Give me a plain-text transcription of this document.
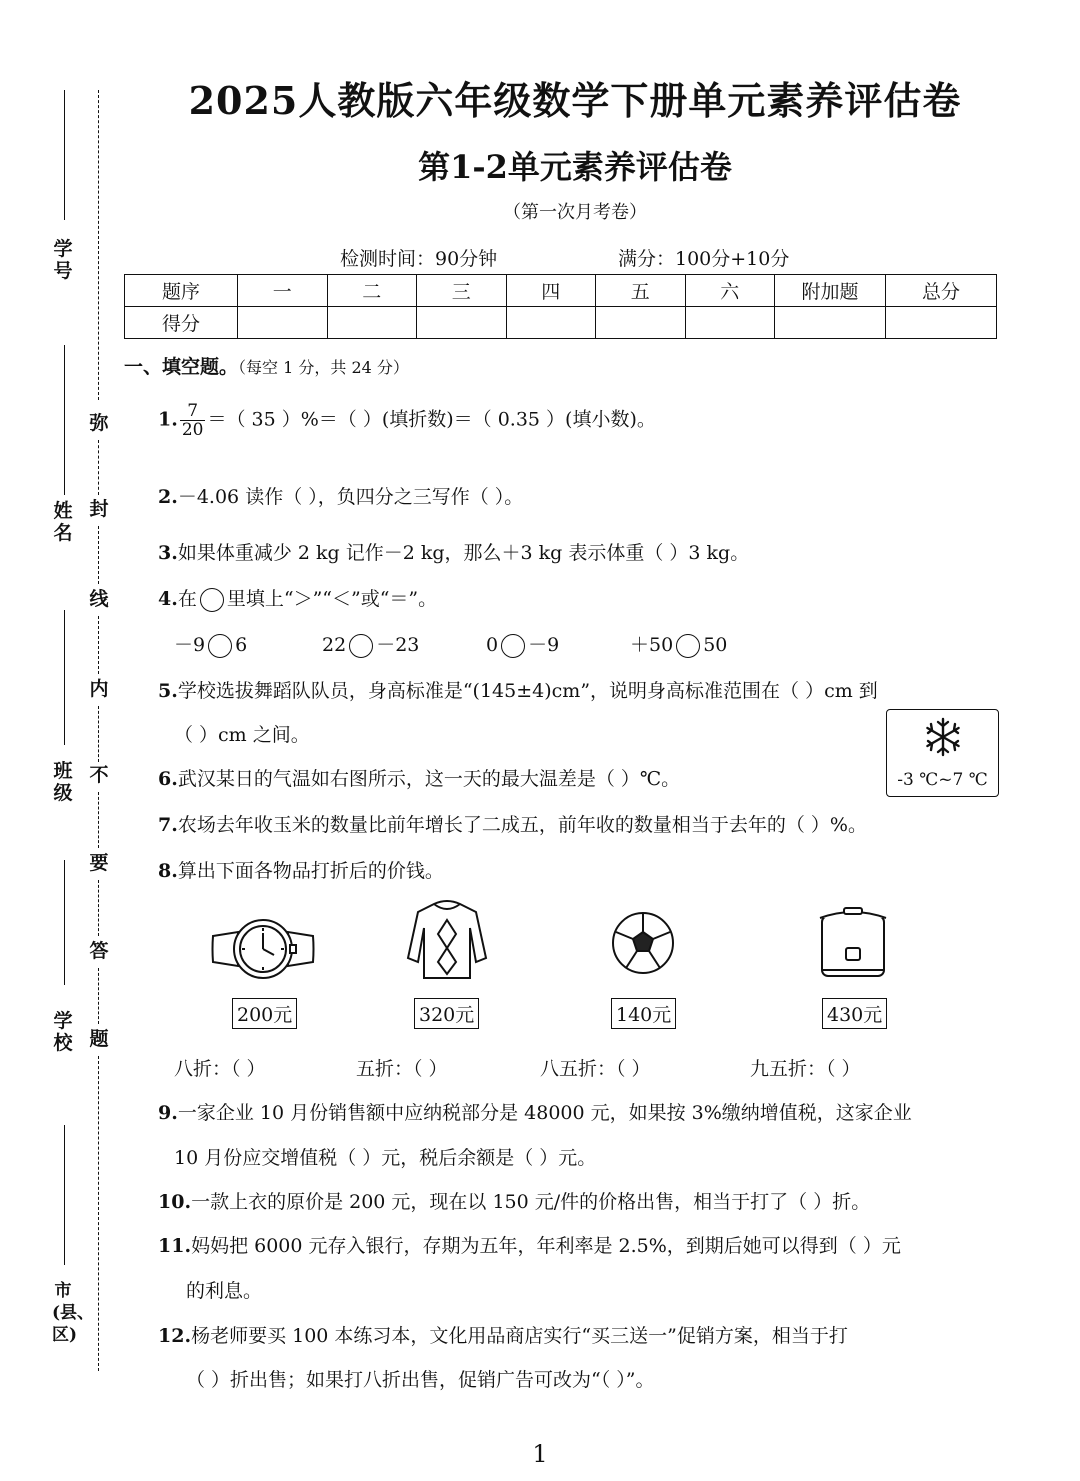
学号
姓名
班级
学校
市(县、区)
弥
封
线
内
不
要
答
题
2025人教版六年级数学下册单元素养评估卷
第1-2单元素养评估卷
（第一次月考卷）
检测时间：90分钟	满分：100分+10分
题序	一	二	三	四	五	六	附加题	总分
得分								
一、填空题。（每空 1 分，共 24 分）
1. $\frac{7}{20}$ ＝（ 35 ）%＝（ ）(填折数)＝（ 0.35 ）(填小数)。
2.－4.06 读作（ ），负四分之三写作（ ）。
3.如果体重减少 2 kg 记作－2 kg，那么＋3 kg 表示体重（ ）3 kg。
4.在 里填上“＞”“＜”或“＝”。
－9 6	22 －23	0 －9	＋50 50
5.学校选拔舞蹈队队员，身高标准是“(145±4)cm”，说明身高标准范围在（ ）cm 到
（ ）cm 之间。
6.武汉某日的气温如右图所示，这一天的最大温差是（ ）℃。	-3 ℃~7 ℃
7.农场去年收玉米的数量比前年增长了二成五，前年收的数量相当于去年的（ ）%。
8.算出下面各物品打折后的价钱。
200元	320元	140元	430元
八折：（ ）	五折：（ ）	八五折：（ ）	九五折：（ ）
9.一家企业 10 月份销售额中应纳税部分是 48000 元，如果按 3%缴纳增值税，这家企业
10 月份应交增值税（ ）元，税后余额是（ ）元。
10.一款上衣的原价是 200 元，现在以 150 元/件的价格出售，相当于打了（ ）折。
11.妈妈把 6000 元存入银行，存期为五年，年利率是 2.5%，到期后她可以得到（ ）元
的利息。
12.杨老师要买 100 本练习本，文化用品商店实行“买三送一”促销方案，相当于打
（ ）折出售；如果打八折出售，促销广告可改为“（ ）”。
1
